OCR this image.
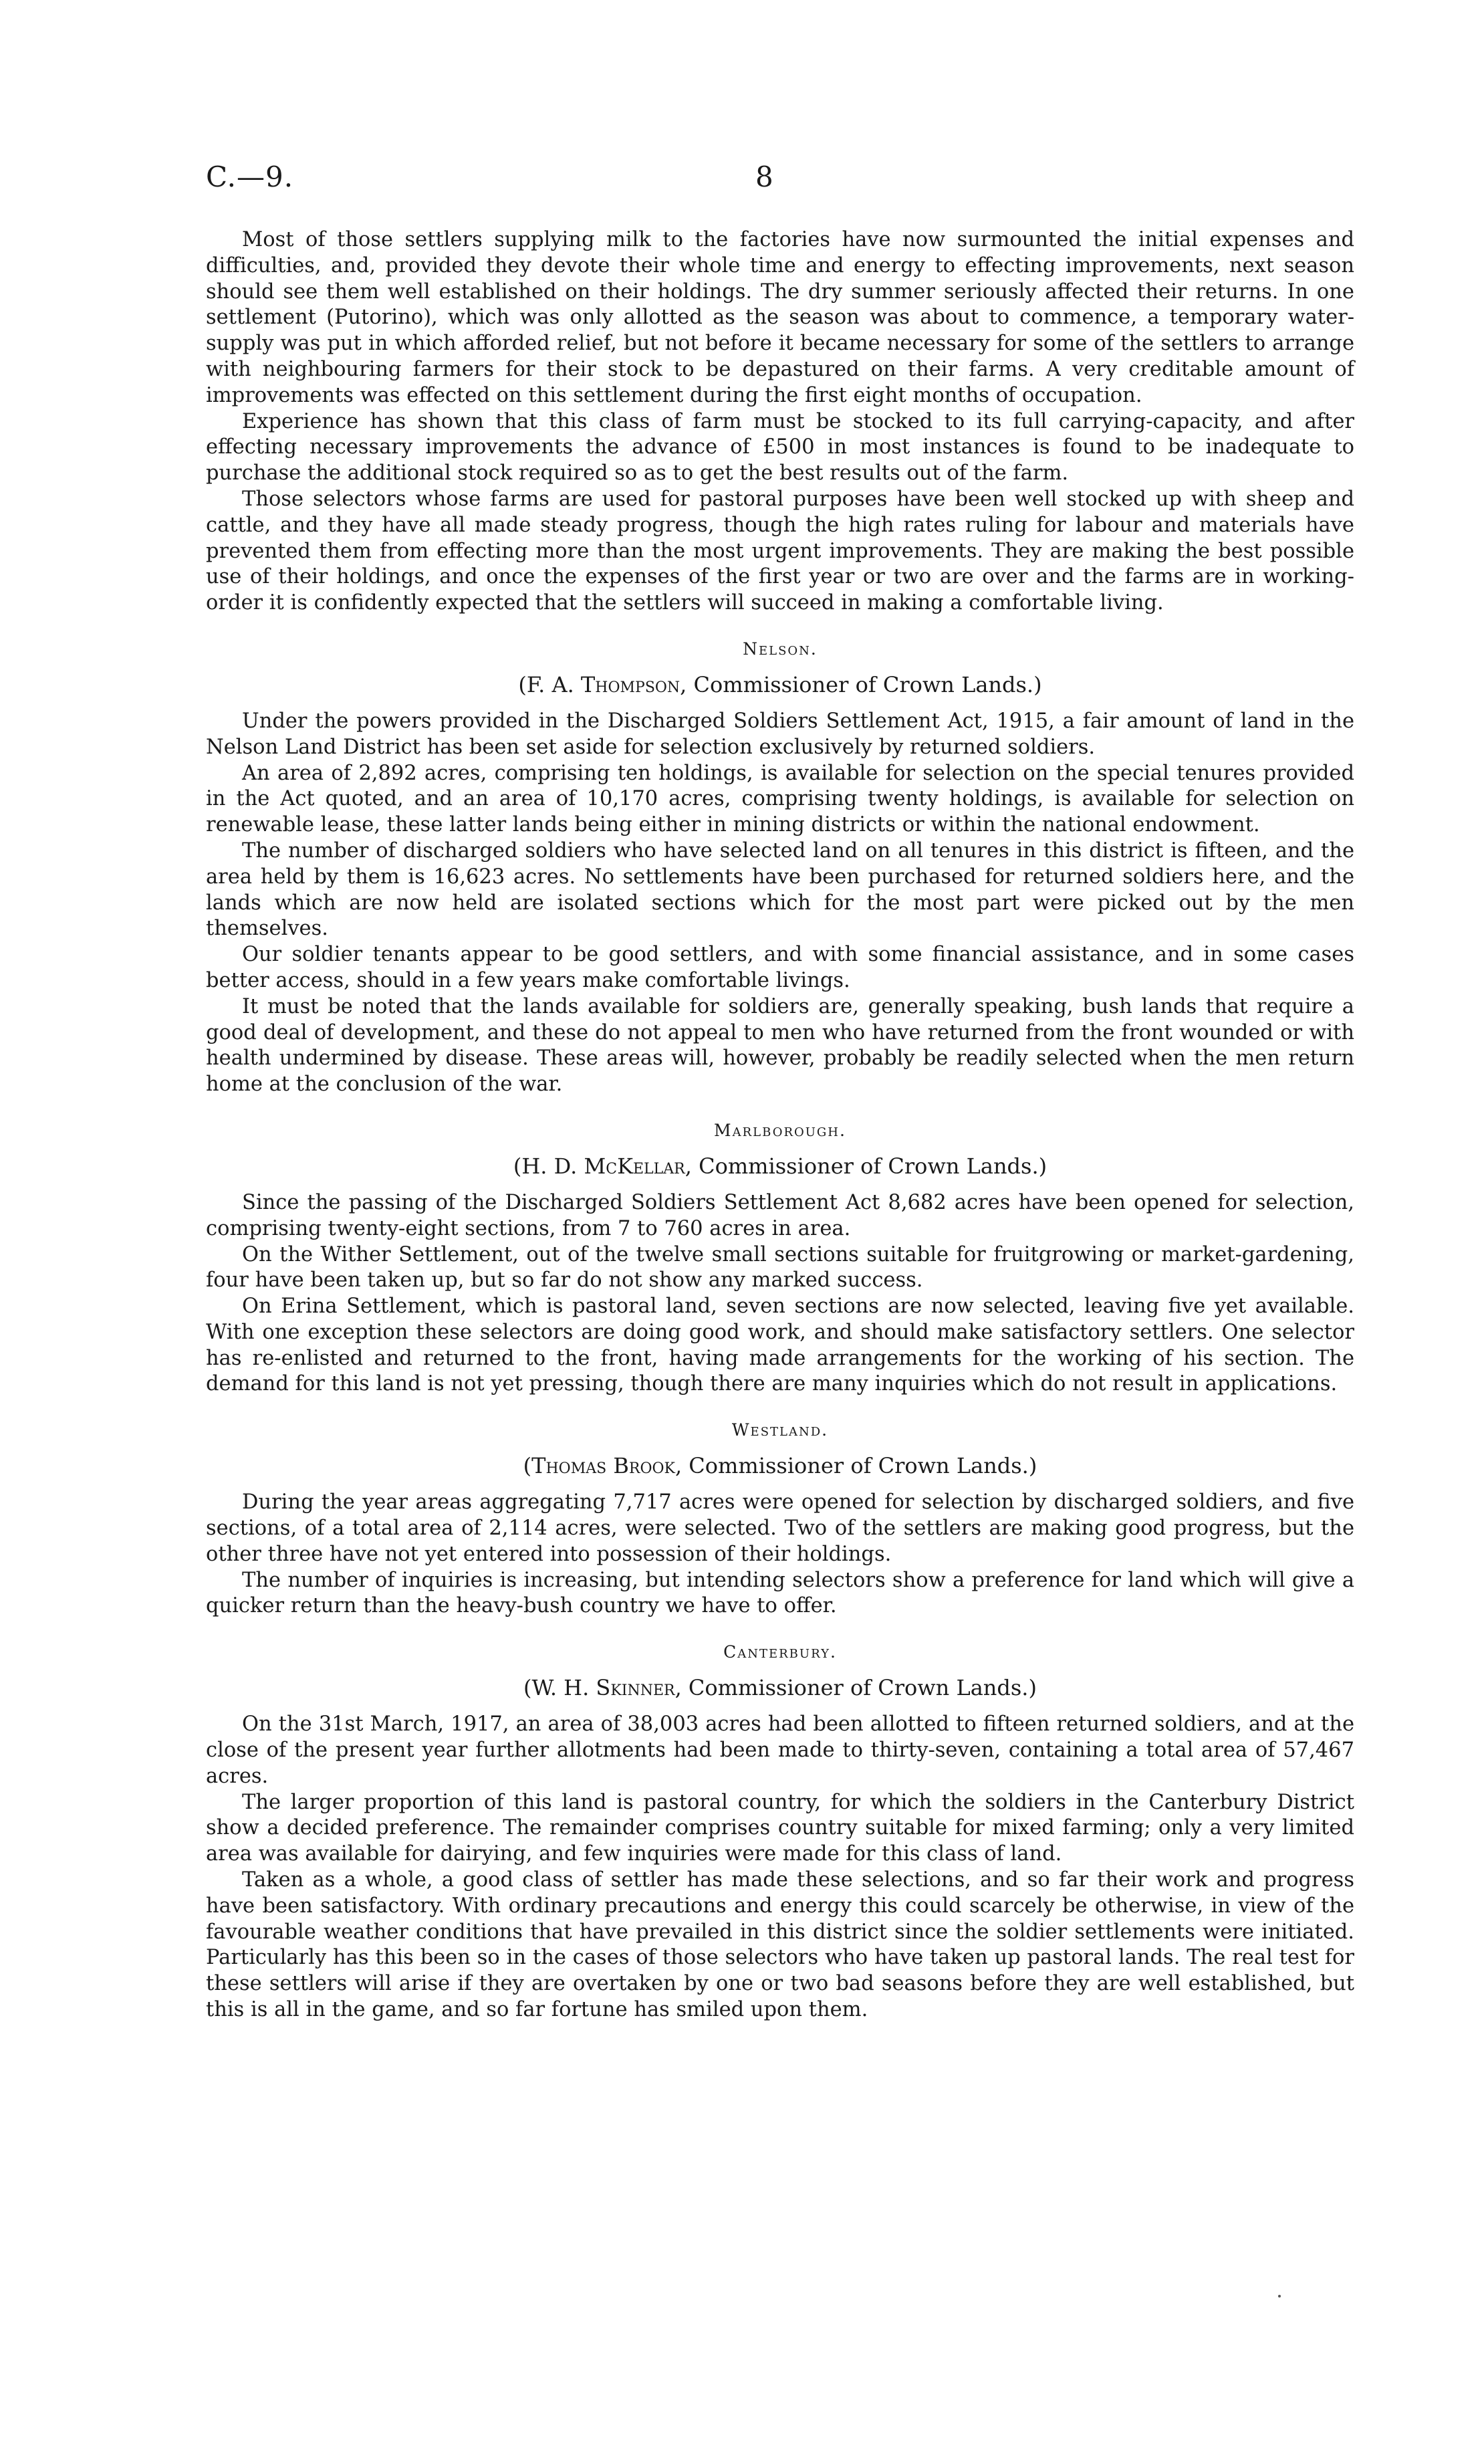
C.—9.	8

Most of those settlers supplying milk to the factories have now surmounted the initial expenses and difficulties, and, provided they devote their whole time and energy to effecting improvements, next season should see them well established on their holdings. The dry summer seriously affected their returns. In one settlement (Putorino), which was only allotted as the season was about to commence, a temporary water-supply was put in which afforded relief, but not before it became necessary for some of the settlers to arrange with neighbouring farmers for their stock to be depastured on their farms. A very creditable amount of improvements was effected on this settlement during the first eight months of occupation.

Experience has shown that this class of farm must be stocked to its full carrying-capacity, and after effecting necessary improvements the advance of £500 in most instances is found to be inadequate to purchase the additional stock required so as to get the best results out of the farm.

Those selectors whose farms are used for pastoral purposes have been well stocked up with sheep and cattle, and they have all made steady progress, though the high rates ruling for labour and materials have prevented them from effecting more than the most urgent improvements. They are making the best possible use of their holdings, and once the expenses of the first year or two are over and the farms are in working-order it is confidently expected that the settlers will succeed in making a comfortable living.

Nelson.
(F. A. Thompson, Commissioner of Crown Lands.)

Under the powers provided in the Discharged Soldiers Settlement Act, 1915, a fair amount of land in the Nelson Land District has been set aside for selection exclusively by returned soldiers.

An area of 2,892 acres, comprising ten holdings, is available for selection on the special tenures provided in the Act quoted, and an area of 10,170 acres, comprising twenty holdings, is available for selection on renewable lease, these latter lands being either in mining districts or within the national endowment.

The number of discharged soldiers who have selected land on all tenures in this district is fifteen, and the area held by them is 16,623 acres. No settlements have been purchased for returned soldiers here, and the lands which are now held are isolated sections which for the most part were picked out by the men themselves.

Our soldier tenants appear to be good settlers, and with some financial assistance, and in some cases better access, should in a few years make comfortable livings.

It must be noted that the lands available for soldiers are, generally speaking, bush lands that require a good deal of development, and these do not appeal to men who have returned from the front wounded or with health undermined by disease. These areas will, however, probably be readily selected when the men return home at the conclusion of the war.

Marlborough.
(H. D. McKellar, Commissioner of Crown Lands.)

Since the passing of the Discharged Soldiers Settlement Act 8,682 acres have been opened for selection, comprising twenty-eight sections, from 7 to 760 acres in area.

On the Wither Settlement, out of the twelve small sections suitable for fruitgrowing or market-gardening, four have been taken up, but so far do not show any marked success.

On Erina Settlement, which is pastoral land, seven sections are now selected, leaving five yet available. With one exception these selectors are doing good work, and should make satisfactory settlers. One selector has re-enlisted and returned to the front, having made arrangements for the working of his section. The demand for this land is not yet pressing, though there are many inquiries which do not result in applications.

Westland.
(Thomas Brook, Commissioner of Crown Lands.)

During the year areas aggregating 7,717 acres were opened for selection by discharged soldiers, and five sections, of a total area of 2,114 acres, were selected. Two of the settlers are making good progress, but the other three have not yet entered into possession of their holdings.

The number of inquiries is increasing, but intending selectors show a preference for land which will give a quicker return than the heavy-bush country we have to offer.

Canterbury.
(W. H. Skinner, Commissioner of Crown Lands.)

On the 31st March, 1917, an area of 38,003 acres had been allotted to fifteen returned soldiers, and at the close of the present year further allotments had been made to thirty-seven, containing a total area of 57,467 acres.

The larger proportion of this land is pastoral country, for which the soldiers in the Canterbury District show a decided preference. The remainder comprises country suitable for mixed farming; only a very limited area was available for dairying, and few inquiries were made for this class of land.

Taken as a whole, a good class of settler has made these selections, and so far their work and progress have been satisfactory. With ordinary precautions and energy this could scarcely be otherwise, in view of the favourable weather conditions that have prevailed in this district since the soldier settlements were initiated. Particularly has this been so in the cases of those selectors who have taken up pastoral lands. The real test for these settlers will arise if they are overtaken by one or two bad seasons before they are well established, but this is all in the game, and so far fortune has smiled upon them.
